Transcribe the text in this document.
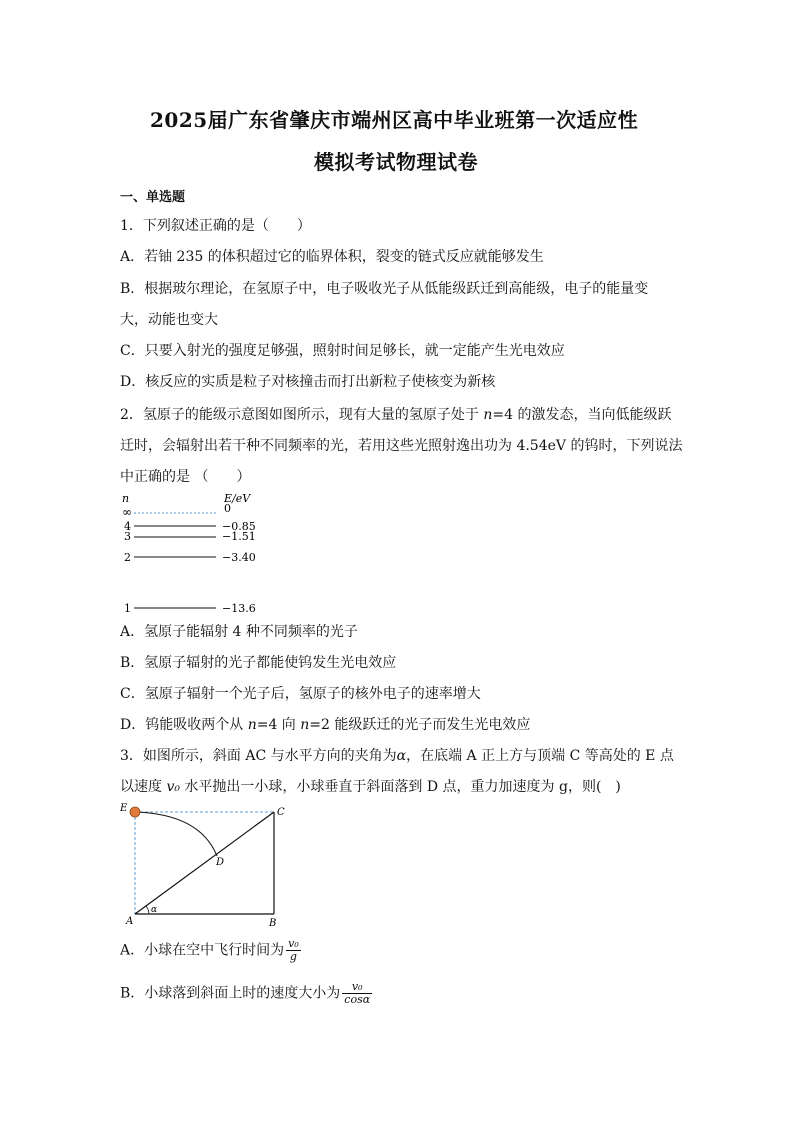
2025届广东省肇庆市端州区高中毕业班第一次适应性
模拟考试物理试卷
一、单选题
1．下列叙述正确的是（　　）
A．若铀 235 的体积超过它的临界体积，裂变的链式反应就能够发生
B．根据玻尔理论，在氢原子中，电子吸收光子从低能级跃迁到高能级，电子的能量变
大，动能也变大
C．只要入射光的强度足够强，照射时间足够长，就一定能产生光电效应
D．核反应的实质是粒子对核撞击而打出新粒子使核变为新核
2．氢原子的能级示意图如图所示，现有大量的氢原子处于 n=4 的激发态，当向低能级跃
迁时，会辐射出若干种不同频率的光，若用这些光照射逸出功为 4.54eV 的钨时，下列说法
中正确的是 （　　）
n	E/eV
∞	0
4	−0.85
3	−1.51
2	−3.40
1	−13.6
A．氢原子能辐射 4 种不同频率的光子
B．氢原子辐射的光子都能使钨发生光电效应
C．氢原子辐射一个光子后，氢原子的核外电子的速率增大
D．钨能吸收两个从 n=4 向 n=2 能级跃迁的光子而发生光电效应
3．如图所示，斜面 AC 与水平方向的夹角为α，在底端 A 正上方与顶端 C 等高处的 E 点
以速度 v₀ 水平抛出一小球，小球垂直于斜面落到 D 点，重力加速度为 g，则(　)
E	C
D
A	B
α
A．小球在空中飞行时间为 $\frac{\text{v₀}}{g}$
B．小球落到斜面上时的速度大小为 $\frac{\text{v₀}}{\cos\alpha}$
